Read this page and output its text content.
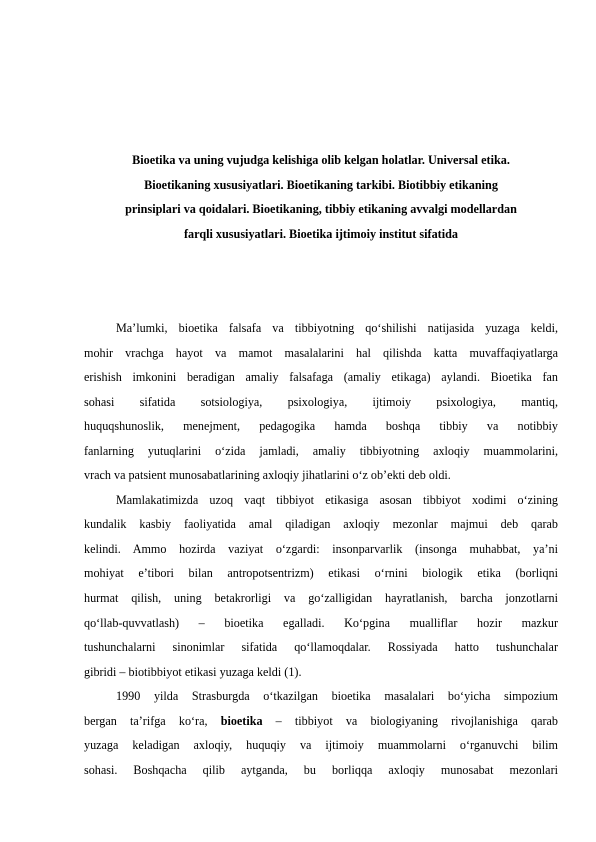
Bioetika va uning vujudga kelishiga olib kelgan holatlar. Universal etika.
Bioetikaning xususiyatlari. Bioetikaning tarkibi. Biotibbiy etikaning
prinsiplari va qoidalari. Bioetikaning, tibbiy etikaning avvalgi modellardan
farqli xususiyatlari. Bioetika ijtimoiy institut sifatida
Ma’lumki, bioetika falsafa va tibbiyotning qo‘shilishi natijasida yuzaga keldi,
mohir vrachga hayot va mamot masalalarini hal qilishda katta muvaffaqiyatlarga
erishish imkonini beradigan amaliy falsafaga (amaliy etikaga) aylandi. Bioetika fan
sohasi sifatida sotsiologiya, psixologiya, ijtimoiy psixologiya, mantiq,
huquqshunoslik, menejment, pedagogika hamda boshqa tibbiy va notibbiy
fanlarning yutuqlarini o‘zida jamladi, amaliy tibbiyotning axloqiy muammolarini,
vrach va patsient munosabatlarining axloqiy jihatlarini o‘z ob’ekti deb oldi.
Mamlakatimizda uzoq vaqt tibbiyot etikasiga asosan tibbiyot xodimi o‘zining
kundalik kasbiy faoliyatida amal qiladigan axloqiy mezonlar majmui deb qarab
kelindi. Ammo hozirda vaziyat o‘zgardi: insonparvarlik (insonga muhabbat, ya’ni
mohiyat e’tibori bilan antropotsentrizm) etikasi o‘rnini biologik etika (borliqni
hurmat qilish, uning betakrorligi va go‘zalligidan hayratlanish, barcha jonzotlarni
qo‘llab-quvvatlash) – bioetika egalladi. Ko‘pgina mualliflar hozir mazkur
tushunchalarni sinonimlar sifatida qo‘llamoqdalar. Rossiyada hatto tushunchalar
gibridi – biotibbiyot etikasi yuzaga keldi (1).
1990 yilda Strasburgda o‘tkazilgan bioetika masalalari bo‘yicha simpozium
bergan ta’rifga ko‘ra, bioetika – tibbiyot va biologiyaning rivojlanishiga qarab
yuzaga keladigan axloqiy, huquqiy va ijtimoiy muammolarni o‘rganuvchi bilim
sohasi. Boshqacha qilib aytganda, bu borliqqa axloqiy munosabat mezonlari
